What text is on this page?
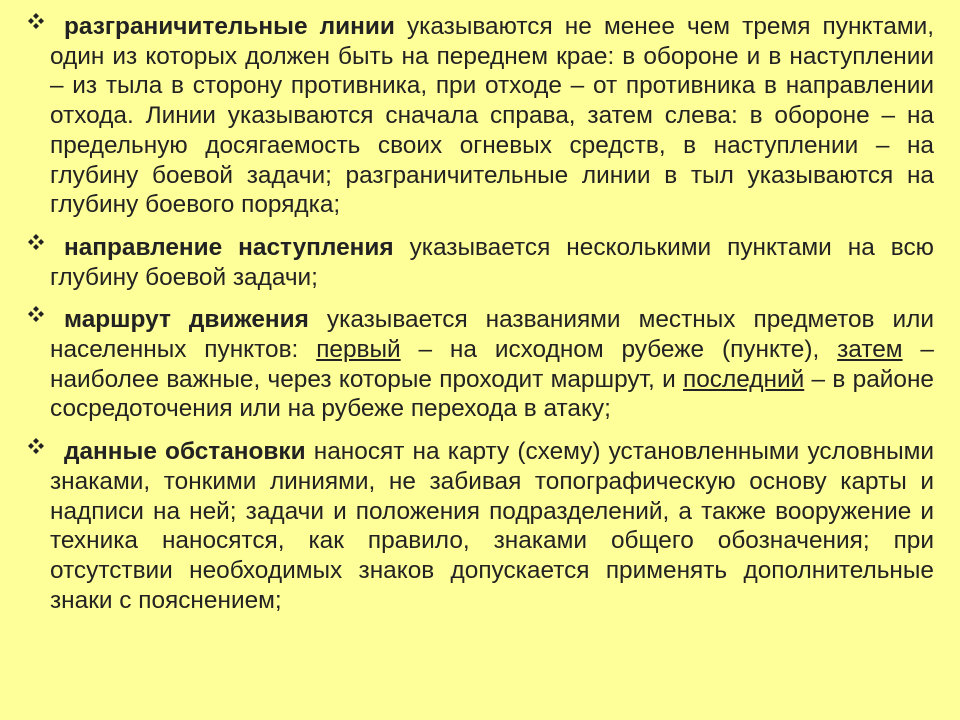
разграничительные линии указываются не менее чем тремя пунктами, один из которых должен быть на переднем крае: в обороне и в наступлении – из тыла в сторону противника, при отходе – от противника в направлении отхода. Линии указываются сначала справа, затем слева: в обороне – на предельную досягаемость своих огневых средств, в наступлении – на глубину боевой задачи; разграничительные линии в тыл указываются на глубину боевого порядка;
направление наступления указывается несколькими пунктами на всю глубину боевой задачи;
маршрут движения указывается названиями местных предметов или населенных пунктов: первый – на исходном рубеже (пункте), затем – наиболее важные, через которые проходит маршрут, и последний – в районе сосредоточения или на рубеже перехода в атаку;
данные обстановки наносят на карту (схему) установленными условными знаками, тонкими линиями, не забивая топографическую основу карты и надписи на ней; задачи и положения подразделений, а также вооружение и техника наносятся, как правило, знаками общего обозначения; при отсутствии необходимых знаков допускается применять дополнительные знаки с пояснением;
